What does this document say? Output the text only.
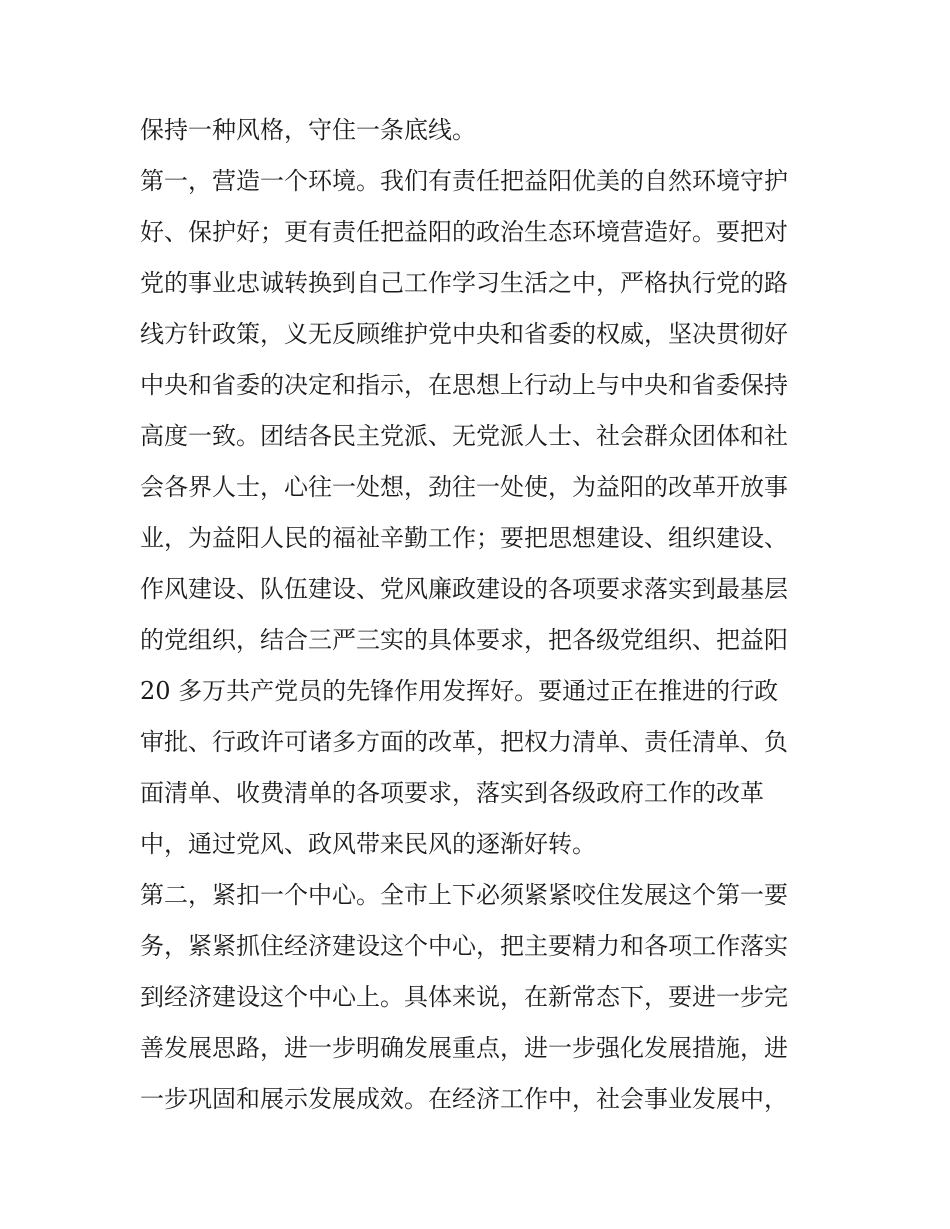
保持一种风格，守住一条底线。
第一，营造一个环境。我们有责任把益阳优美的自然环境守护
好、保护好；更有责任把益阳的政治生态环境营造好。要把对
党的事业忠诚转换到自己工作学习生活之中，严格执行党的路
线方针政策，义无反顾维护党中央和省委的权威，坚决贯彻好
中央和省委的决定和指示，在思想上行动上与中央和省委保持
高度一致。团结各民主党派、无党派人士、社会群众团体和社
会各界人士，心往一处想，劲往一处使，为益阳的改革开放事
业，为益阳人民的福祉辛勤工作；要把思想建设、组织建设、
作风建设、队伍建设、党风廉政建设的各项要求落实到最基层
的党组织，结合三严三实的具体要求，把各级党组织、把益阳
20 多万共产党员的先锋作用发挥好。要通过正在推进的行政
审批、行政许可诸多方面的改革，把权力清单、责任清单、负
面清单、收费清单的各项要求，落实到各级政府工作的改革
中，通过党风、政风带来民风的逐渐好转。
第二，紧扣一个中心。全市上下必须紧紧咬住发展这个第一要
务，紧紧抓住经济建设这个中心，把主要精力和各项工作落实
到经济建设这个中心上。具体来说，在新常态下，要进一步完
善发展思路，进一步明确发展重点，进一步强化发展措施，进
一步巩固和展示发展成效。在经济工作中，社会事业发展中，
